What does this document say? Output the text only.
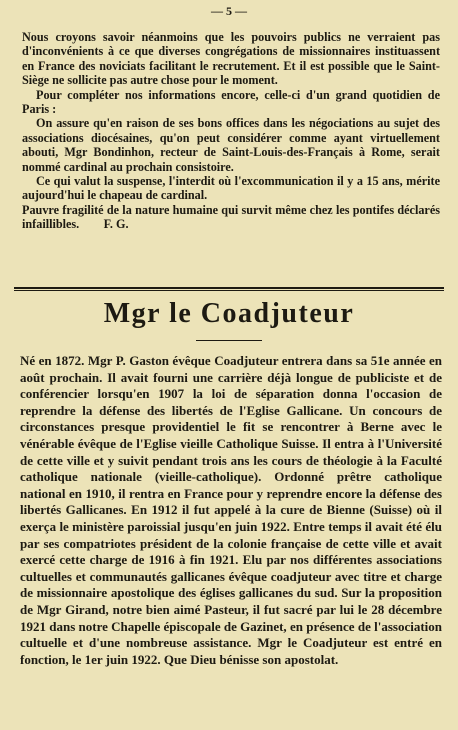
— 5 —

Nous croyons savoir néanmoins que les pouvoirs publics ne verraient pas d'inconvénients à ce que diverses congrégations de missionnaires instituassent en France des noviciats facilitant le recrutement. Et il est possible que le Saint-Siège ne sollicite pas autre chose pour le moment.

Pour compléter nos informations encore, celle-ci d'un grand quotidien de Paris :

On assure qu'en raison de ses bons offices dans les négociations au sujet des associations diocésaines, qu'on peut considérer comme ayant virtuellement abouti, Mgr Bondinhon, recteur de Saint-Louis-des-Français à Rome, serait nommé cardinal au prochain consistoire.

Ce qui valut la suspense, l'interdit où l'excommunication il y a 15 ans, mérite aujourd'hui le chapeau de cardinal.

Pauvre fragilité de la nature humaine qui survit même chez les pontifes déclarés infaillibles. F. G.

Mgr le Coadjuteur

Né en 1872. Mgr P. Gaston évêque Coadjuteur entrera dans sa 51e année en août prochain. Il avait fourni une carrière déjà longue de publiciste et de conférencier lorsqu'en 1907 la loi de séparation donna l'occasion de reprendre la défense des libertés de l'Eglise Gallicane. Un concours de circonstances presque providentiel le fit se rencontrer à Berne avec le vénérable évêque de l'Eglise vieille Catholique Suisse. Il entra à l'Université de cette ville et y suivit pendant trois ans les cours de théologie à la Faculté catholique nationale (vieille-catholique). Ordonné prêtre catholique national en 1910, il rentra en France pour y reprendre encore la défense des libertés Gallicanes. En 1912 il fut appelé à la cure de Bienne (Suisse) où il exerça le ministère paroissial jusqu'en juin 1922. Entre temps il avait été élu par ses compatriotes président de la colonie française de cette ville et avait exercé cette charge de 1916 à fin 1921. Elu par nos différentes associations cultuelles et communautés gallicanes évêque coadjuteur avec titre et charge de missionnaire apostolique des églises gallicanes du sud. Sur la proposition de Mgr Girand, notre bien aimé Pasteur, il fut sacré par lui le 28 décembre 1921 dans notre Chapelle épiscopale de Gazinet, en présence de l'association cultuelle et d'une nombreuse assistance. Mgr le Coadjuteur est entré en fonction, le 1er juin 1922. Que Dieu bénisse son apostolat.
